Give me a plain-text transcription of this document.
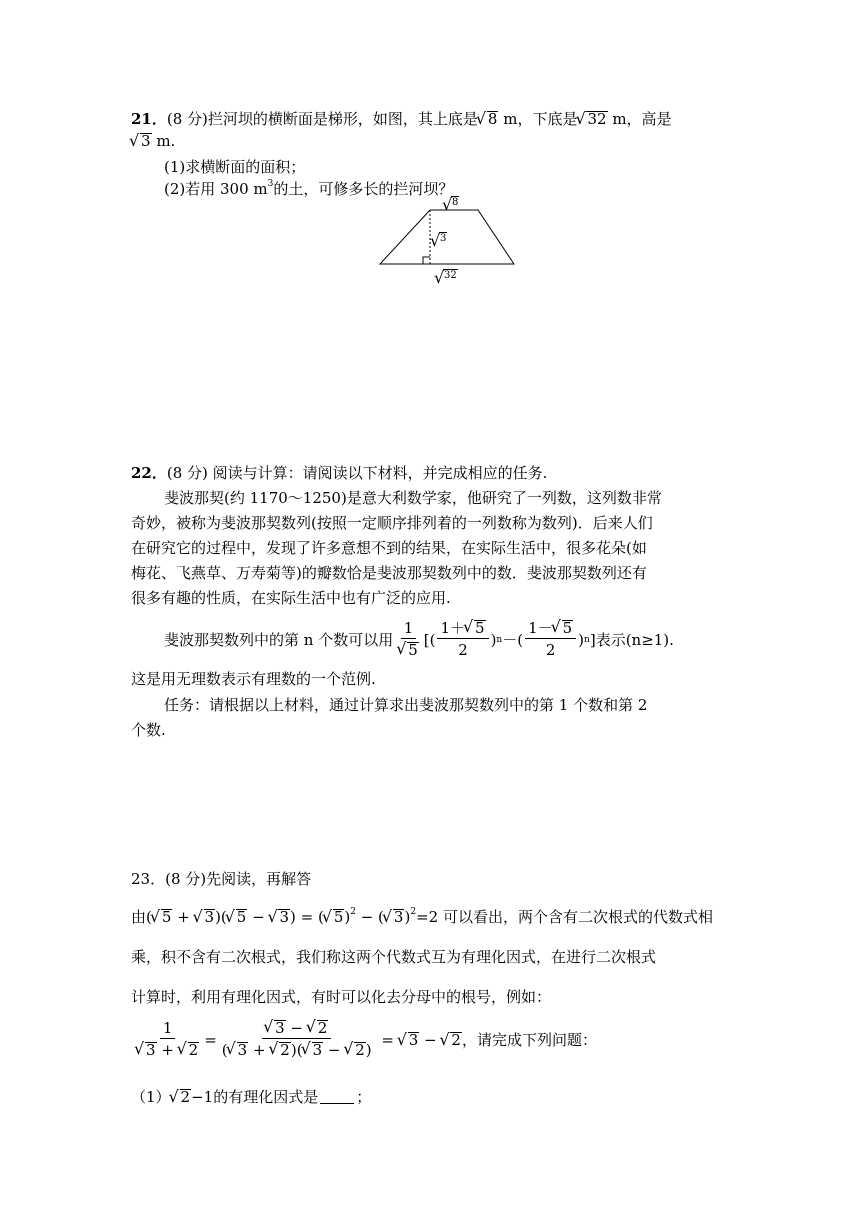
21．(8 分)拦河坝的横断面是梯形，如图，其上底是 √ 8 m，下底是 √ 32 m，高是
√ 3 m.
(1)求横断面的面积；
(2)若用 300 $m^3$的土，可修多长的拦河坝？
√ 8
√ 3
√ 32
22．(8 分) 阅读与计算：请阅读以下材料，并完成相应的任务.
斐波那契(约 1170～1250)是意大利数学家，他研究了一列数，这列数非常
奇妙，被称为斐波那契数列(按照一定顺序排列着的一列数称为数列)．后来人们
在研究它的过程中，发现了许多意想不到的结果，在实际生活中，很多花朵(如
梅花、飞燕草、万寿菊等)的瓣数恰是斐波那契数列中的数．斐波那契数列还有
很多有趣的性质，在实际生活中也有广泛的应用.
斐波那契数列中的第 n 个数可以用 1
√ 5 [( $\frac{1+ √ 5}{2}$ ) n －( $\frac{1- √ 5}{2}$ ) n ] 表示(n≥1).
这是用无理数表示有理数的一个范例.
任务：请根据以上材料，通过计算求出斐波那契数列中的第 1 个数和第 2
个数.
23．(8 分)先阅读，再解答
由( √ 5 + √ 3)( √ 5 − √ 3) = ( √ 5)$^2$ − ( √ 3)$^2$=2 可以看出，两个含有二次根式的代数式相
乘，积不含有二次根式，我们称这两个代数式互为有理化因式，在进行二次根式
计算时，利用有理化因式，有时可以化去分母中的根号，例如：
1
√ 3 + √ 2 = √ $\frac{3 - √ 2}{( √ 3 + √ 2)( √ 3 - √ 2)}$ = √ 3 − √ 2 ，请完成下列问题：
（1） √ 2−1的有理化因式是	；
